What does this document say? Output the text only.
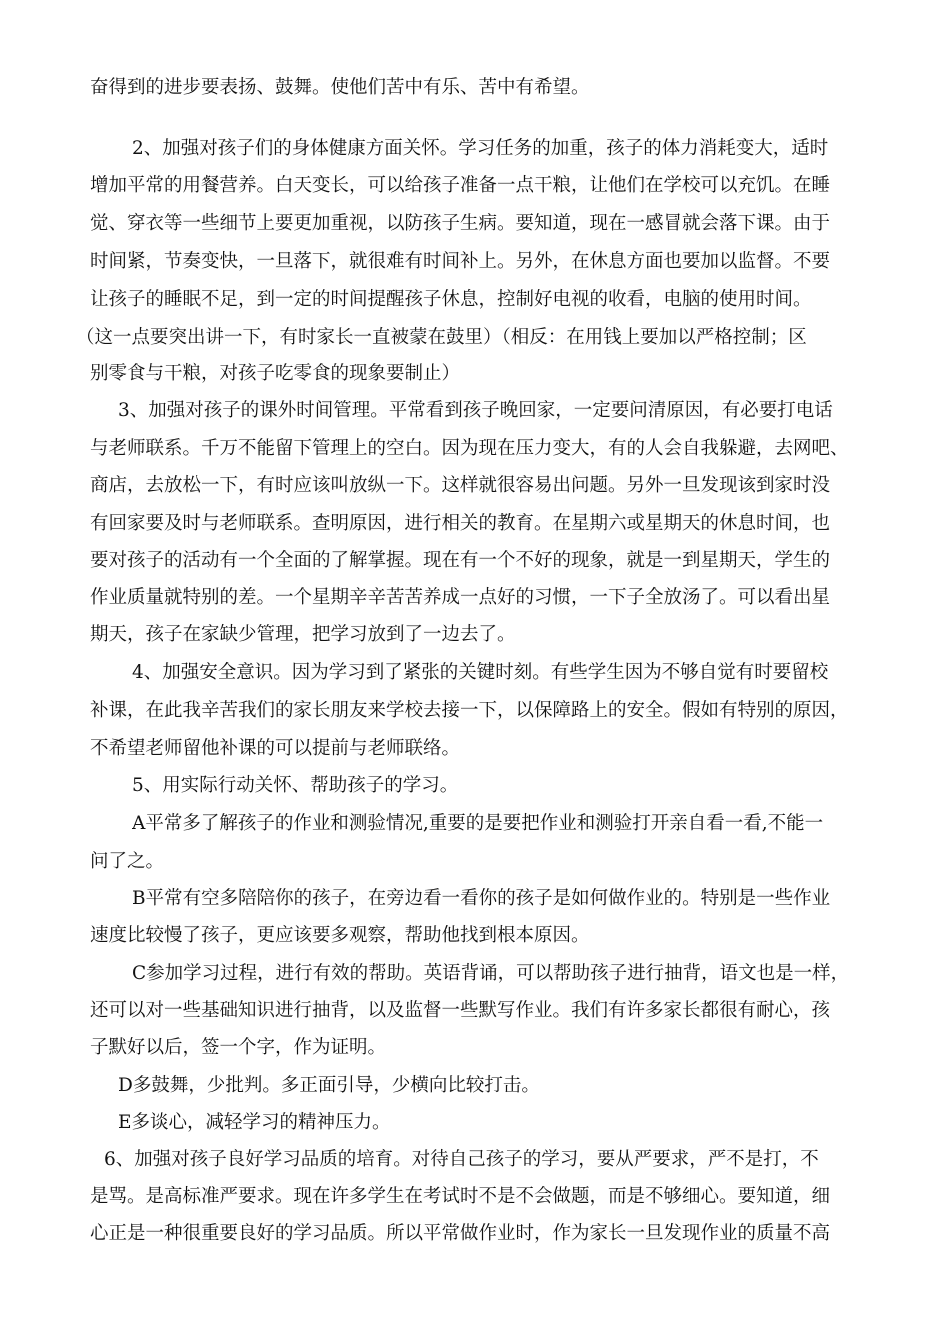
奋得到的进步要表扬、鼓舞。使他们苦中有乐、苦中有希望。
2、加强对孩子们的身体健康方面关怀。学习任务的加重，孩子的体力消耗变大，适时
增加平常的用餐营养。白天变长，可以给孩子准备一点干粮，让他们在学校可以充饥。在睡
觉、穿衣等一些细节上要更加重视，以防孩子生病。要知道，现在一感冒就会落下课。由于
时间紧，节奏变快，一旦落下，就很难有时间补上。另外，在休息方面也要加以监督。不要
让孩子的睡眠不足，到一定的时间提醒孩子休息，控制好电视的收看，电脑的使用时间。
（这一点要突出讲一下，有时家长一直被蒙在鼓里）（相反：在用钱上要加以严格控制；区
别零食与干粮，对孩子吃零食的现象要制止）
3、加强对孩子的课外时间管理。平常看到孩子晚回家，一定要问清原因，有必要打电话
与老师联系。千万不能留下管理上的空白。因为现在压力变大，有的人会自我躲避，去网吧、
商店，去放松一下，有时应该叫放纵一下。这样就很容易出问题。另外一旦发现该到家时没
有回家要及时与老师联系。查明原因，进行相关的教育。在星期六或星期天的休息时间，也
要对孩子的活动有一个全面的了解掌握。现在有一个不好的现象，就是一到星期天，学生的
作业质量就特别的差。一个星期辛辛苦苦养成一点好的习惯，一下子全放汤了。可以看出星
期天，孩子在家缺少管理，把学习放到了一边去了。
4、加强安全意识。因为学习到了紧张的关键时刻。有些学生因为不够自觉有时要留校
补课，在此我辛苦我们的家长朋友来学校去接一下，以保障路上的安全。假如有特别的原因，
不希望老师留他补课的可以提前与老师联络。
5、用实际行动关怀、帮助孩子的学习。
A平常多了解孩子的作业和测验情况,重要的是要把作业和测验打开亲自看一看,不能一
问了之。
B平常有空多陪陪你的孩子，在旁边看一看你的孩子是如何做作业的。特别是一些作业
速度比较慢了孩子，更应该要多观察，帮助他找到根本原因。
C参加学习过程，进行有效的帮助。英语背诵，可以帮助孩子进行抽背，语文也是一样，
还可以对一些基础知识进行抽背，以及监督一些默写作业。我们有许多家长都很有耐心，孩
子默好以后，签一个字，作为证明。
D多鼓舞，少批判。多正面引导，少横向比较打击。
E多谈心，减轻学习的精神压力。
6、加强对孩子良好学习品质的培育。对待自己孩子的学习，要从严要求，严不是打，不
是骂。是高标准严要求。现在许多学生在考试时不是不会做题，而是不够细心。要知道，细
心正是一种很重要良好的学习品质。所以平常做作业时，作为家长一旦发现作业的质量不高
